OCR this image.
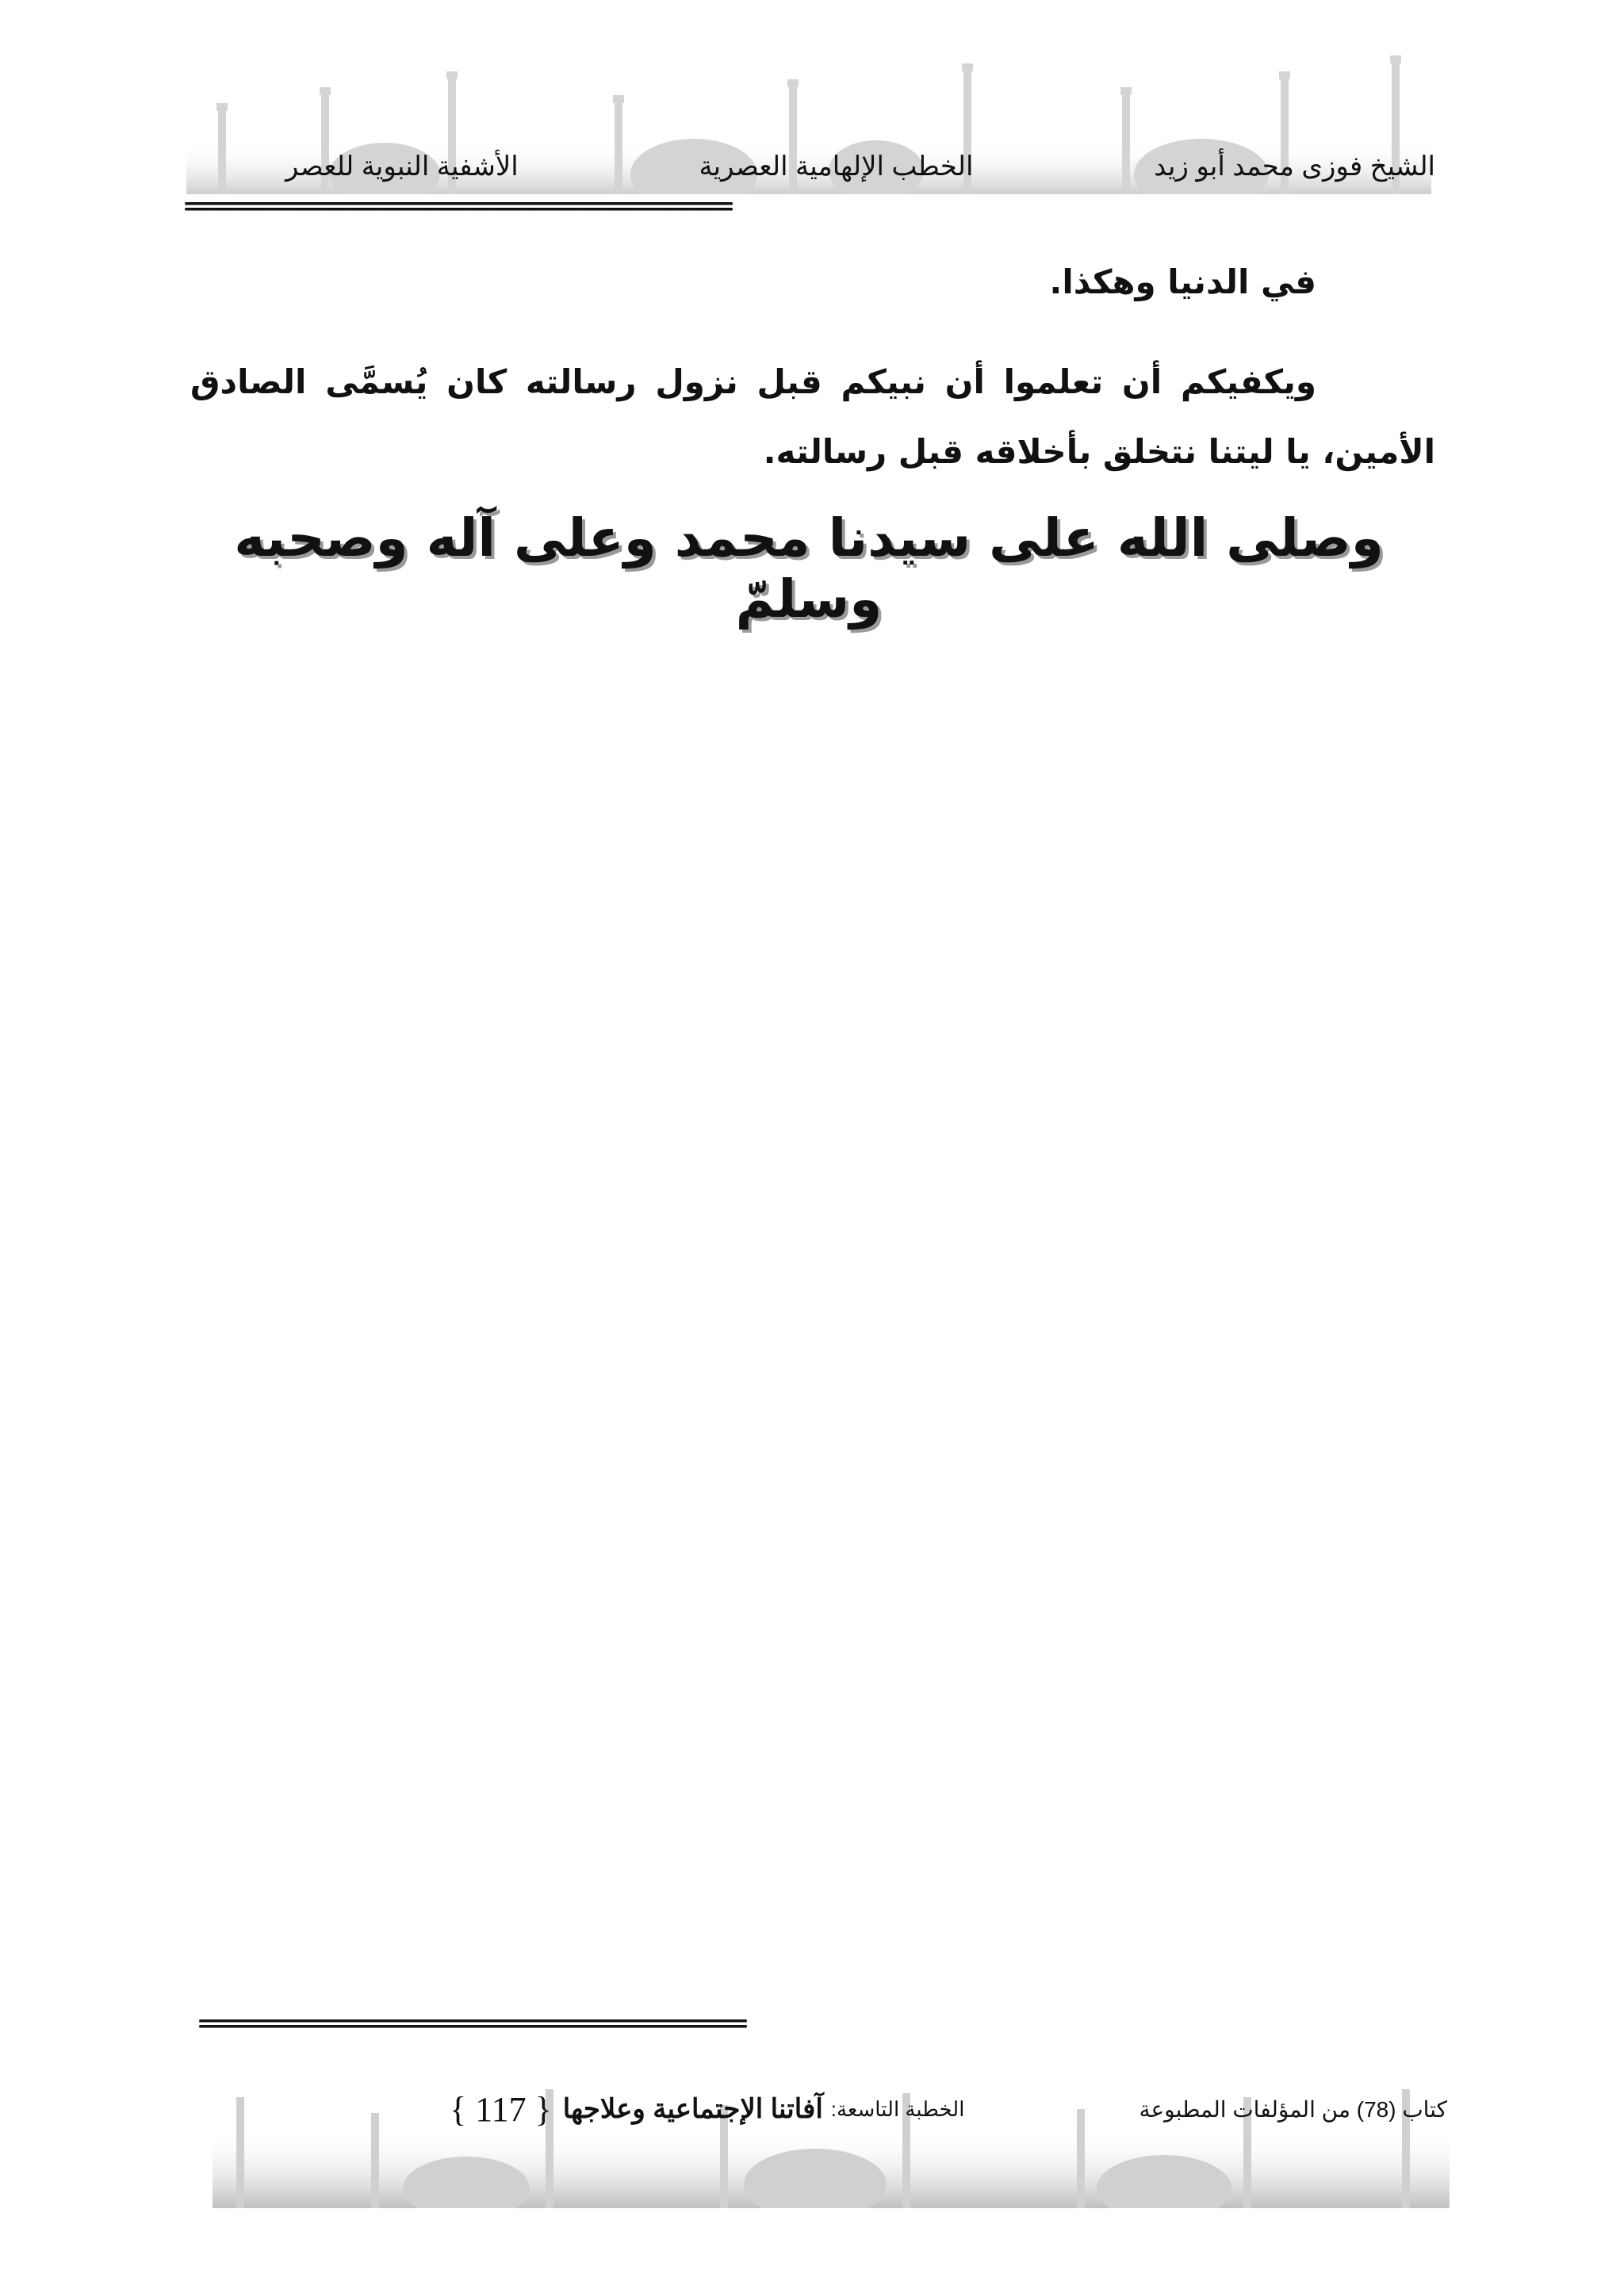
الشيخ فوزى محمد أبو زيد
الخطب الإلهامية العصرية
الأشفية النبوية للعصر
=================================================
في الدنيا وهكذا.
ويكفيكم أن تعلموا أن نبيكم قبل نزول رسالته كان يُسمَّى الصادق الأمين، يا ليتنا نتخلق بأخلاقه قبل رسالته.
وصلى الله على سيدنا محمد وعلى آله وصحبه وسلمّ
=================================================
كتاب (78) من المؤلفات المطبوعة
الخطبة التاسعة:
آفاتنا الإجتماعية وعلاجها
{ 117 }
